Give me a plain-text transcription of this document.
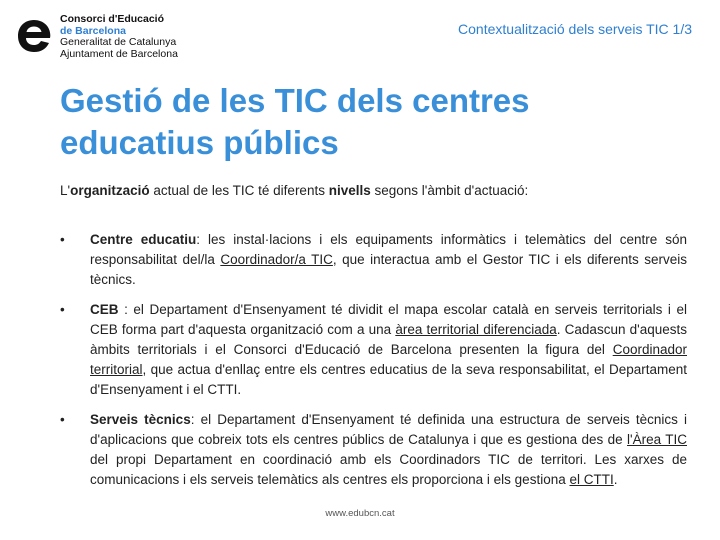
Consorci d'Educació
de Barcelona
Generalitat de Catalunya
Ajuntament de Barcelona
Contextualització dels serveis TIC 1/3
Gestió de les TIC dels centres educatius públics
L'organització actual de les TIC té diferents nivells segons l'àmbit d'actuació:
• Centre educatiu: les instal·lacions i els equipaments informàtics i telemàtics del centre són responsabilitat del/la Coordinador/a TIC, que interactua amb el Gestor TIC i els diferents serveis tècnics.
• CEB : el Departament d'Ensenyament té dividit el mapa escolar català en serveis territorials i el CEB forma part d'aquesta organització com a una àrea territorial diferenciada. Cadascun d'aquests àmbits territorials i el Consorci d'Educació de Barcelona presenten la figura del Coordinador territorial, que actua d'enllaç entre els centres educatius de la seva responsabilitat, el Departament d'Ensenyament i el CTTI.
• Serveis tècnics: el Departament d'Ensenyament té definida una estructura de serveis tècnics i d'aplicacions que cobreix tots els centres públics de Catalunya i que es gestiona des de l'Àrea TIC del propi Departament en coordinació amb els Coordinadors TIC de territori. Les xarxes de comunicacions i els serveis telemàtics als centres els proporciona i els gestiona el CTTI.
www.edubcn.cat
